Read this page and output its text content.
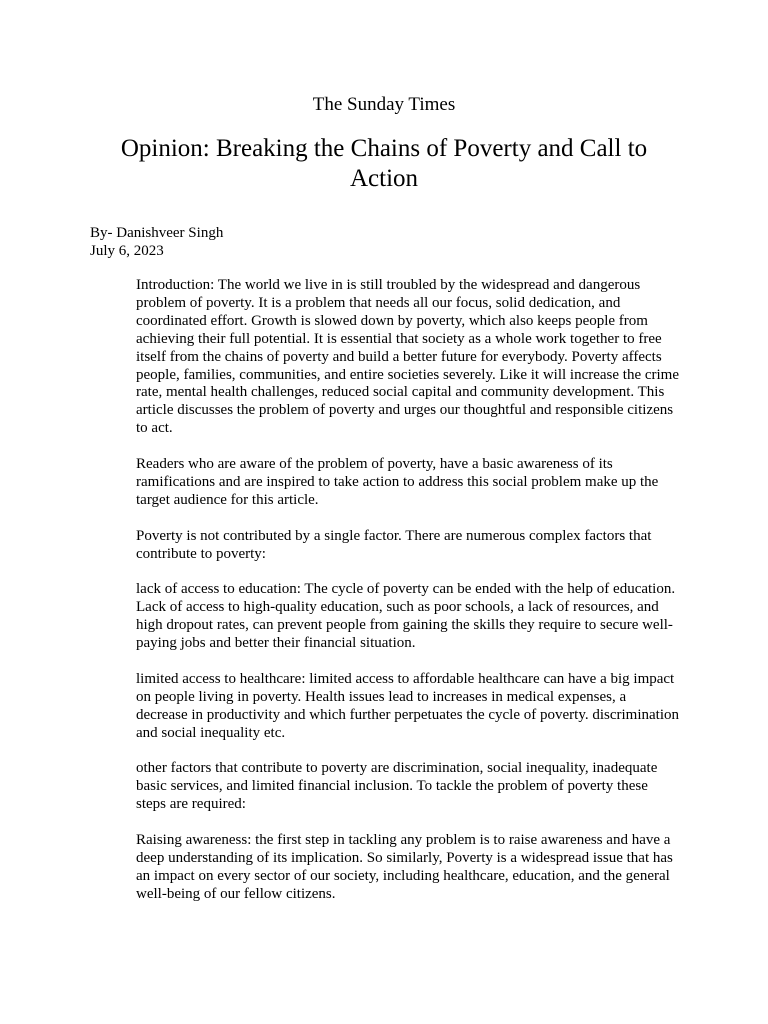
The Sunday Times
Opinion: Breaking the Chains of Poverty and Call to Action
By- Danishveer Singh
July 6, 2023

Introduction: The world we live in is still troubled by the widespread and dangerous problem of poverty. It is a problem that needs all our focus, solid dedication, and coordinated effort. Growth is slowed down by poverty, which also keeps people from achieving their full potential. It is essential that society as a whole work together to free itself from the chains of poverty and build a better future for everybody. Poverty affects people, families, communities, and entire societies severely. Like it will increase the crime rate, mental health challenges, reduced social capital and community development. This article discusses the problem of poverty and urges our thoughtful and responsible citizens to act.

Readers who are aware of the problem of poverty, have a basic awareness of its ramifications and are inspired to take action to address this social problem make up the target audience for this article.

Poverty is not contributed by a single factor. There are numerous complex factors that contribute to poverty:

lack of access to education: The cycle of poverty can be ended with the help of education. Lack of access to high-quality education, such as poor schools, a lack of resources, and high dropout rates, can prevent people from gaining the skills they require to secure well-paying jobs and better their financial situation.

limited access to healthcare: limited access to affordable healthcare can have a big impact on people living in poverty. Health issues lead to increases in medical expenses, a decrease in productivity and which further perpetuates the cycle of poverty. discrimination and social inequality etc.

other factors that contribute to poverty are discrimination, social inequality, inadequate basic services, and limited financial inclusion. To tackle the problem of poverty these steps are required:

Raising awareness: the first step in tackling any problem is to raise awareness and have a deep understanding of its implication. So similarly, Poverty is a widespread issue that has an impact on every sector of our society, including healthcare, education, and the general well-being of our fellow citizens.
